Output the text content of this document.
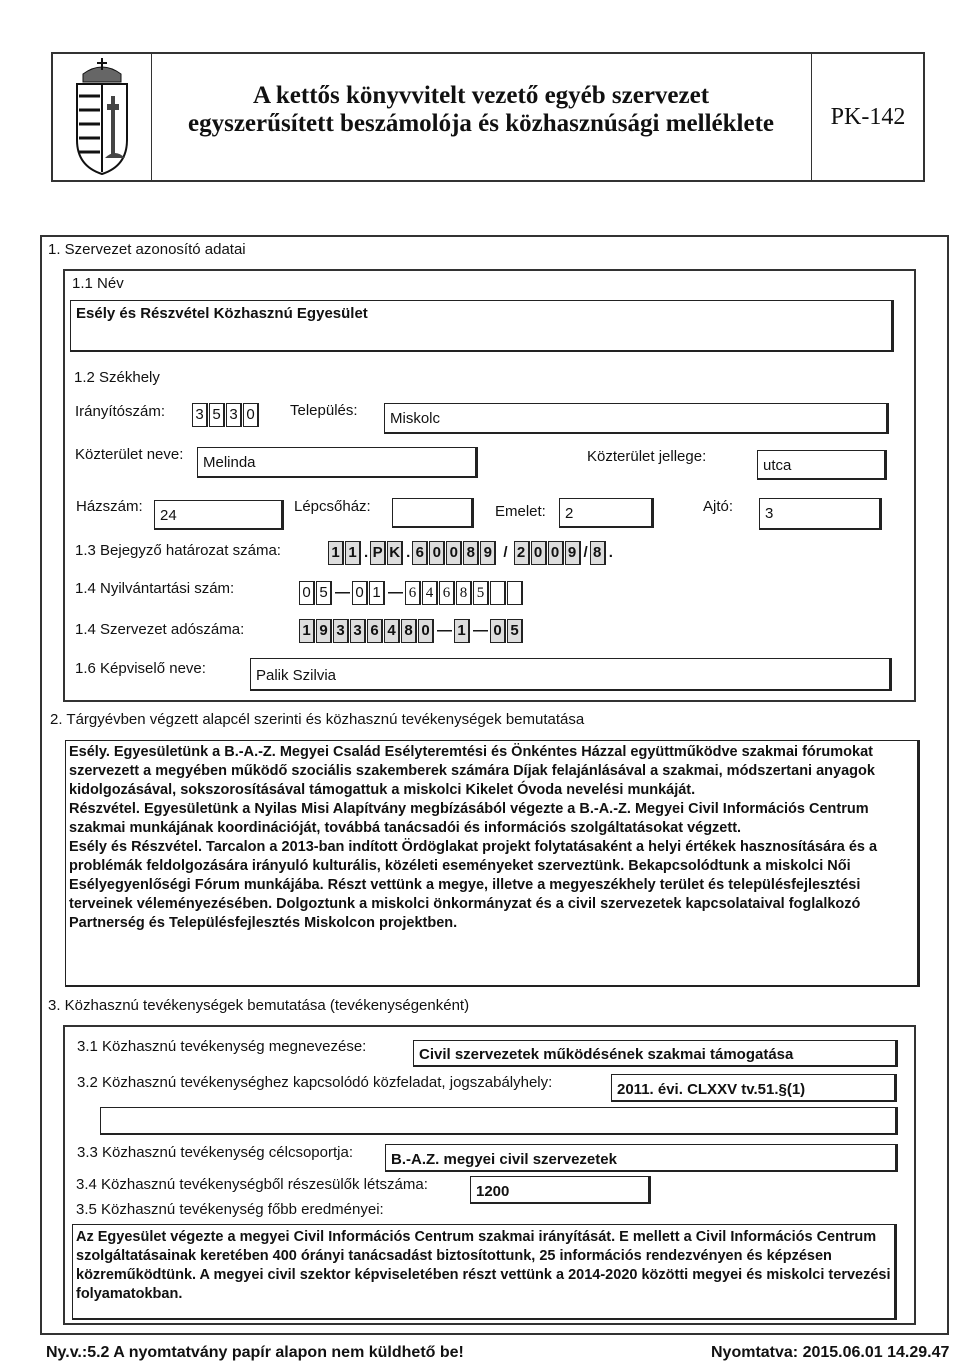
A kettős könyvvitelt vezető egyéb szervezet
egyszerűsített beszámolója és közhasznúsági melléklete	PK-142
1. Szervezet azonosító adatai
1.1 Név
Esély és Részvétel Közhasznú Egyesület
1.2 Székhely
Irányítószám: 3 5 3 0 Település:	Miskolc
Közterület neve:	Melinda	Közterület jellege:
utca
Házszám:
24
Lépcsőház:	Emelet:	2	Ajtó:	3
1.3 Bejegyző határozat száma:	1 1 . P K . 6 0 0 8 9 / 2 0 0 9 / 8 .
1.4 Nyilvántartási szám:	0 5 — 0 1 — 6 4 6 8 5
1.4 Szervezet adószáma:	1 9 3 3 6 4 8 0 — 1 — 0 5
1.6 Képviselő neve:	Palik Szilvia
2. Tárgyévben végzett alapcél szerinti és közhasznú tevékenységek bemutatása

Esély. Egyesületünk a B.-A.-Z. Megyei Család Esélyteremtési és Önkéntes Házzal együttműködve szakmai fórumokat szervezett a megyében működő szociális szakemberek számára Díjak felajánlásával a szakmai, módszertani anyagok kidolgozásával, sokszorosításával támogattuk a miskolci Kikelet Óvoda nevelési munkáját.

Részvétel. Egyesületünk a Nyilas Misi Alapítvány megbízásából végezte a B.-A.-Z. Megyei Civil Információs Centrum szakmai munkájának koordinációját, továbbá tanácsadói és információs szolgáltatásokat végzett.

Esély és Részvétel. Tarcalon a 2013-ban indított Ördöglakat projekt folytatásaként a helyi értékek hasznosítására és a problémák feldolgozására irányuló kulturális, közéleti eseményeket szerveztünk. Bekapcsolódtunk a miskolci Női Esélyegyenlőségi Fórum munkájába. Részt vettünk a megye, illetve a megyeszékhely terület és településfejlesztési terveinek véleményezésében. Dolgoztunk a miskolci önkormányzat és a civil szervezetek kapcsolataival foglalkozó Partnerség és Településfejlesztés Miskolcon projektben.

3. Közhasznú tevékenységek bemutatása (tevékenységenként)
3.1 Közhasznú tevékenység megnevezése:	Civil szervezetek működésének szakmai támogatása
3.2 Közhasznú tevékenységhez kapcsolódó közfeladat, jogszabályhely:	2011. évi. CLXXV tv.51.§(1)
3.3 Közhasznú tevékenység célcsoportja:	B.-A.Z. megyei civil szervezetek
3.4 Közhasznú tevékenységből részesülők létszáma:	1200
3.5 Közhasznú tevékenység főbb eredményei:
Az Egyesület végezte a megyei Civil Információs Centrum szakmai irányítását. E mellett a Civil Információs Centrum szolgáltatásainak keretében 400 órányi tanácsadást biztosítottunk, 25 információs rendezvényen és képzésen közreműködtünk. A megyei civil szektor képviseletében részt vettünk a 2014-2020 közötti megyei és miskolci tervezési folyamatokban.
Ny.v.:5.2 A nyomtatvány papír alapon nem küldhető be!	Nyomtatva: 2015.06.01 14.29.47
